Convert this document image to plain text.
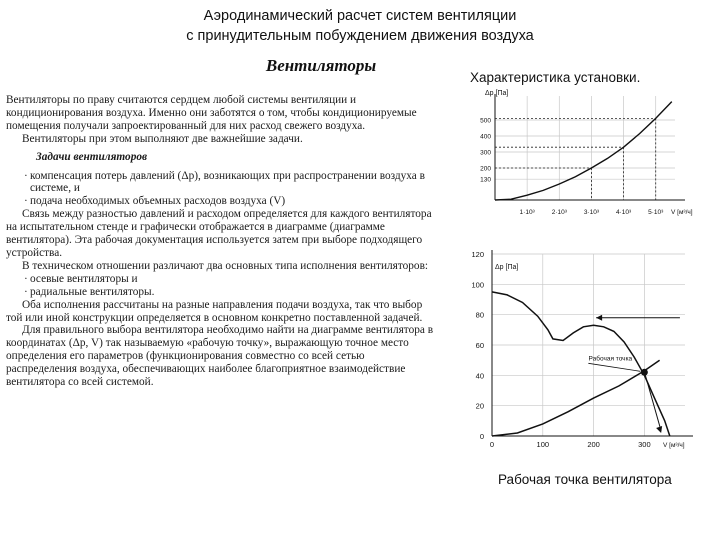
Аэродинамический расчет систем вентиляции
с принудительным побуждением движения воздуха
Вентиляторы

Вентиляторы по праву считаются сердцем любой системы вентиляции и кондиционирования воздуха. Именно они заботятся о том, чтобы кондиционируемые помещения получали запроектированный для них расход свежего воздуха.

Вентиляторы при этом выполняют две важнейшие задачи.

Задачи вентиляторов

· компенсация потерь давлений (Δp), возникающих при распространении воздуха в системе, и

· подача необходимых объемных расходов воздуха (V)

Связь между разностью давлений и расходом определяется для каждого вентилятора на испытательном стенде и графически отображается в диаграмме (диаграмме вентилятора). Эта рабочая документация используется затем при выборе подходящего устройства.

В техническом отношении различают два основных типа исполнения вентиляторов:

· осевые вентиляторы и

· радиальные вентиляторы.

Оба исполнения рассчитаны на разные направления подачи воздуха, так что выбор той или иной конструкции определяется в основном конкретно поставленной задачей.

Для правильного выбора вентилятора необходимо найти на диаграмме вентилятора в координатах (Δp, V) так называемую «рабочую точку», выражающую точное место определения его параметров (функционирования совместно со всей сетью распределения воздуха, обеспечивающих наиболее благоприятное взаимодействие вентилятора со всей системой.

Характеристика установки.
Δp [Па]
V [м³/ч]
500
400
300
200
130
1·10³	2·10³	3·10³	4·10³	5·10³
Δp [Па]
V [м³/ч]
120
100
80
60
40
20
0
0	100	200	300
Рабочая точка
Рабочая точка вентилятора
